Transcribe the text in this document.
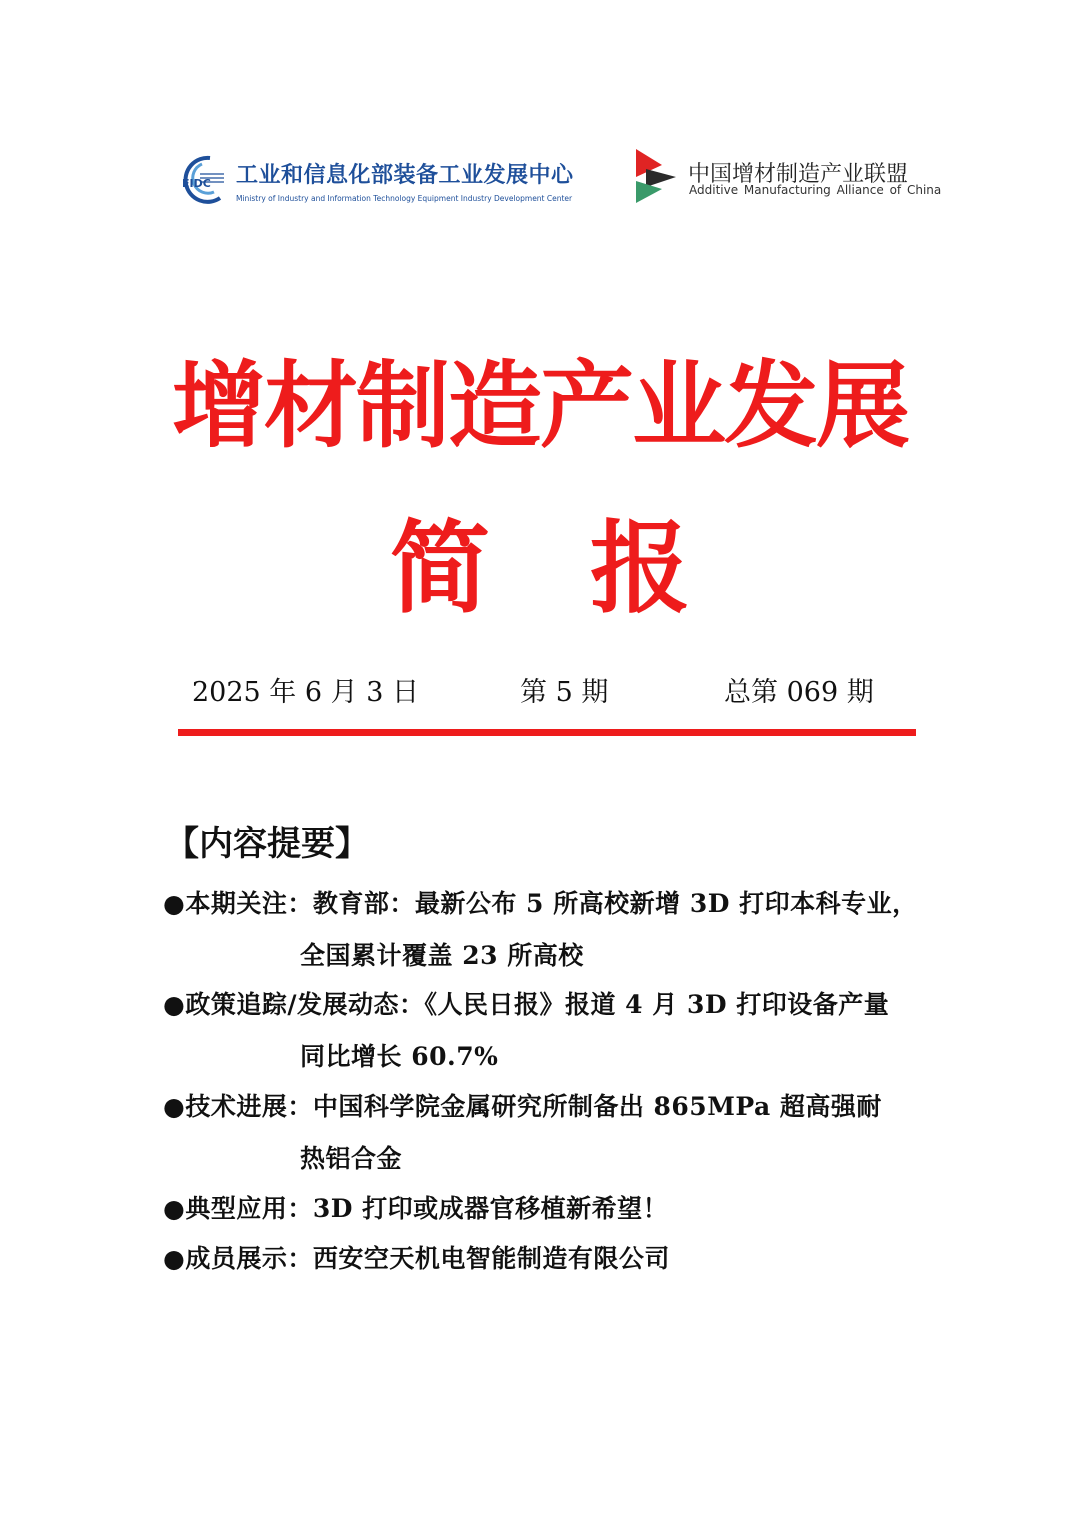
EIDC 工业和信息化部装备工业发展中心
Ministry of Industry and Information Technology Equipment Industry Development Center
中国增材制造产业联盟
Additive Manufacturing Alliance of China
增材制造产业发展
简　报
2025 年 6 月 3 日	第 5 期	总第 069 期
【内容提要】
●本期关注：教育部：最新公布 5 所高校新增 3D 打印本科专业，
全国累计覆盖 23 所高校
●政策追踪/发展动态：《人民日报》报道 4 月 3D 打印设备产量
同比增长 60.7%
●技术进展：中国科学院金属研究所制备出 865MPa 超高强耐
热铝合金
●典型应用：3D 打印或成器官移植新希望！
●成员展示：西安空天机电智能制造有限公司
